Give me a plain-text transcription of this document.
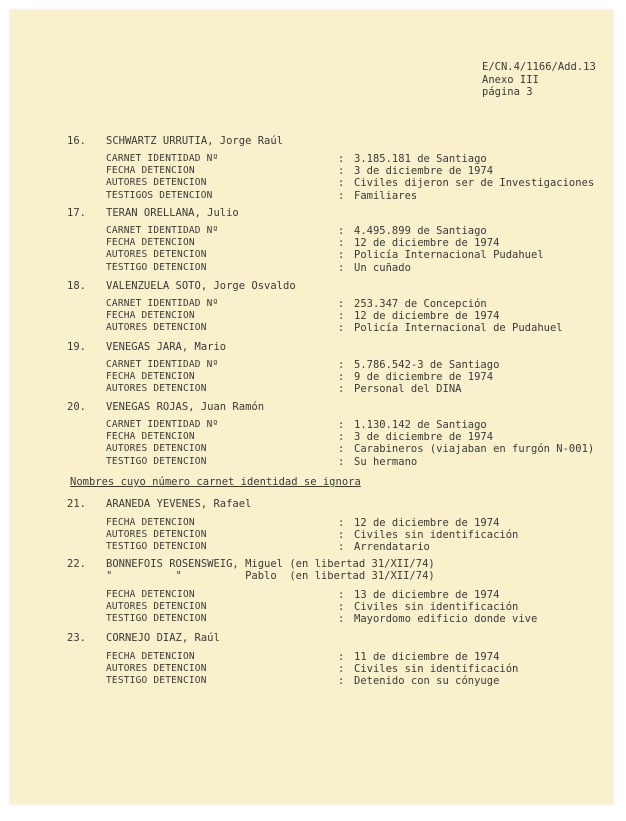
E/CN.4/1166/Add.13
Anexo III
página 3
16. SCHWARTZ URRUTIA, Jorge Raúl
CARNET IDENTIDAD Nº	: 3.185.181 de Santiago
FECHA DETENCION	: 3 de diciembre de 1974
AUTORES DETENCION	: Civiles dijeron ser de Investigaciones
TESTIGOS DETENCION	: Familiares
17. TERAN ORELLANA, Julio
CARNET IDENTIDAD Nº	: 4.495.899 de Santiago
FECHA DETENCION	: 12 de diciembre de 1974
AUTORES DETENCION	: Policía Internacional Pudahuel
TESTIGO DETENCION	: Un cuñado
18. VALENZUELA SOTO, Jorge Osvaldo
CARNET IDENTIDAD Nº	: 253.347 de Concepción
FECHA DETENCION	: 12 de diciembre de 1974
AUTORES DETENCION	: Policía Internacional de Pudahuel
19. VENEGAS JARA, Mario
CARNET IDENTIDAD Nº	: 5.786.542-3 de Santiago
FECHA DETENCION	: 9 de diciembre de 1974
AUTORES DETENCION	: Personal del DINA
20. VENEGAS ROJAS, Juan Ramón
CARNET IDENTIDAD Nº	: 1.130.142 de Santiago
FECHA DETENCION	: 3 de diciembre de 1974
AUTORES DETENCION	: Carabineros (viajaban en furgón N-001)
TESTIGO DETENCION	: Su hermano
Nombres cuyo número carnet identidad se ignora
21. ARANEDA YEVENES, Rafael
FECHA DETENCION	: 12 de diciembre de 1974
AUTORES DETENCION	: Civiles sin identificación
TESTIGO DETENCION	: Arrendatario
22. BONNEFOIS ROSENSWEIG, Miguel (en libertad 31/XII/74)
"          "          Pablo  (en libertad 31/XII/74)
FECHA DETENCION	: 13 de diciembre de 1974
AUTORES DETENCION	: Civiles sin identificación
TESTIGO DETENCION	: Mayordomo edificio donde vive
23. CORNEJO DIAZ, Raúl
FECHA DETENCION	: 11 de diciembre de 1974
AUTORES DETENCION	: Civiles sin identificación
TESTIGO DETENCION	: Detenido con su cónyuge
